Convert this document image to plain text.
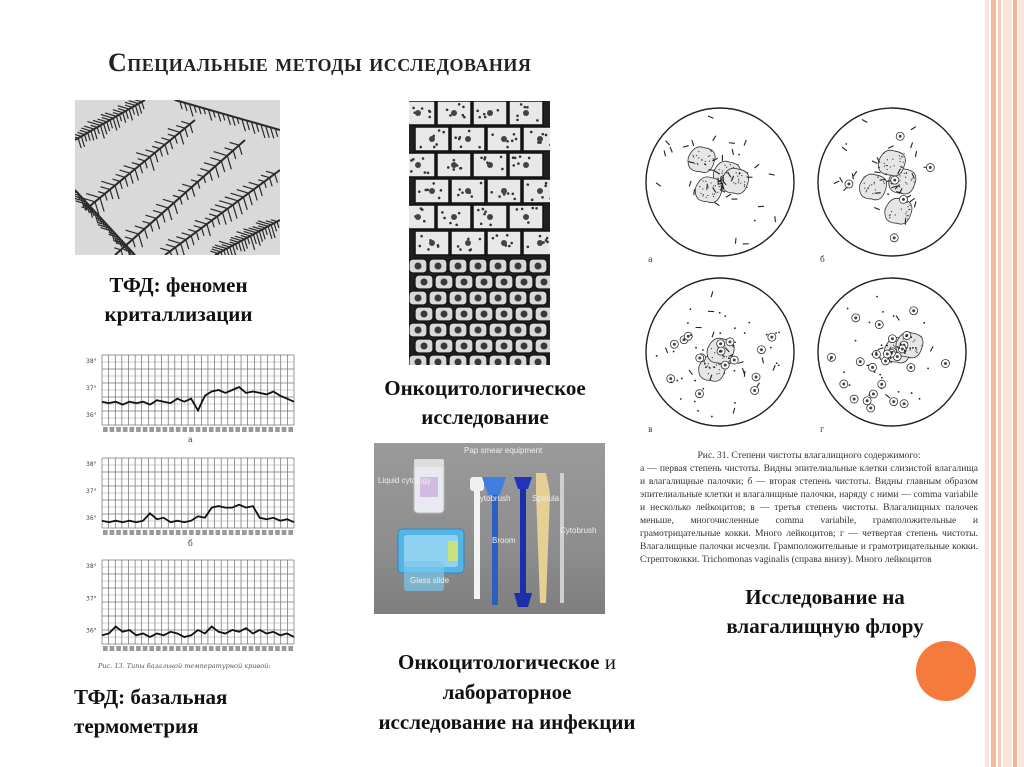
Специальные методы исследования
ТФД: феномен
криталлизации
38°
37°
36°
38°
37°
36°
38°
37°
36°
а
б
Рис. 13. Типы базальной температурной кривой:
ТФД: базальная
термометрия
Онкоцитологическое
исследование
Pap smear equipment
Liquid cytology
Cytobrush	Spatula
Broom
Cytobrush
Glass slide
Онкоцитологическое и
лабораторное
исследование на инфекции
а	б
в	г
Рис. 31. Степени чистоты влагалищного содержимого:
а — первая степень чистоты. Видны эпителиальные клетки слизистой влагалища и влагалищные палочки; б — вторая степень чистоты. Видны главным образом эпителиальные клетки и влагалищные палочки, наряду с ними — comma variabile и несколько лейкоцитов; в — третья степень чистоты. Влагалищных палочек меньше, многочисленные comma variabile, грамположительные и грамотрицательные кокки. Много лейкоцитов; г — четвертая степень чистоты. Влагалищные палочки исчезли. Грамположительные и грамотрицательные кокки. Стрептококки. Trichomonas vaginalis (справа внизу). Много лейкоцитов
Исследование на
влагалищную флору
